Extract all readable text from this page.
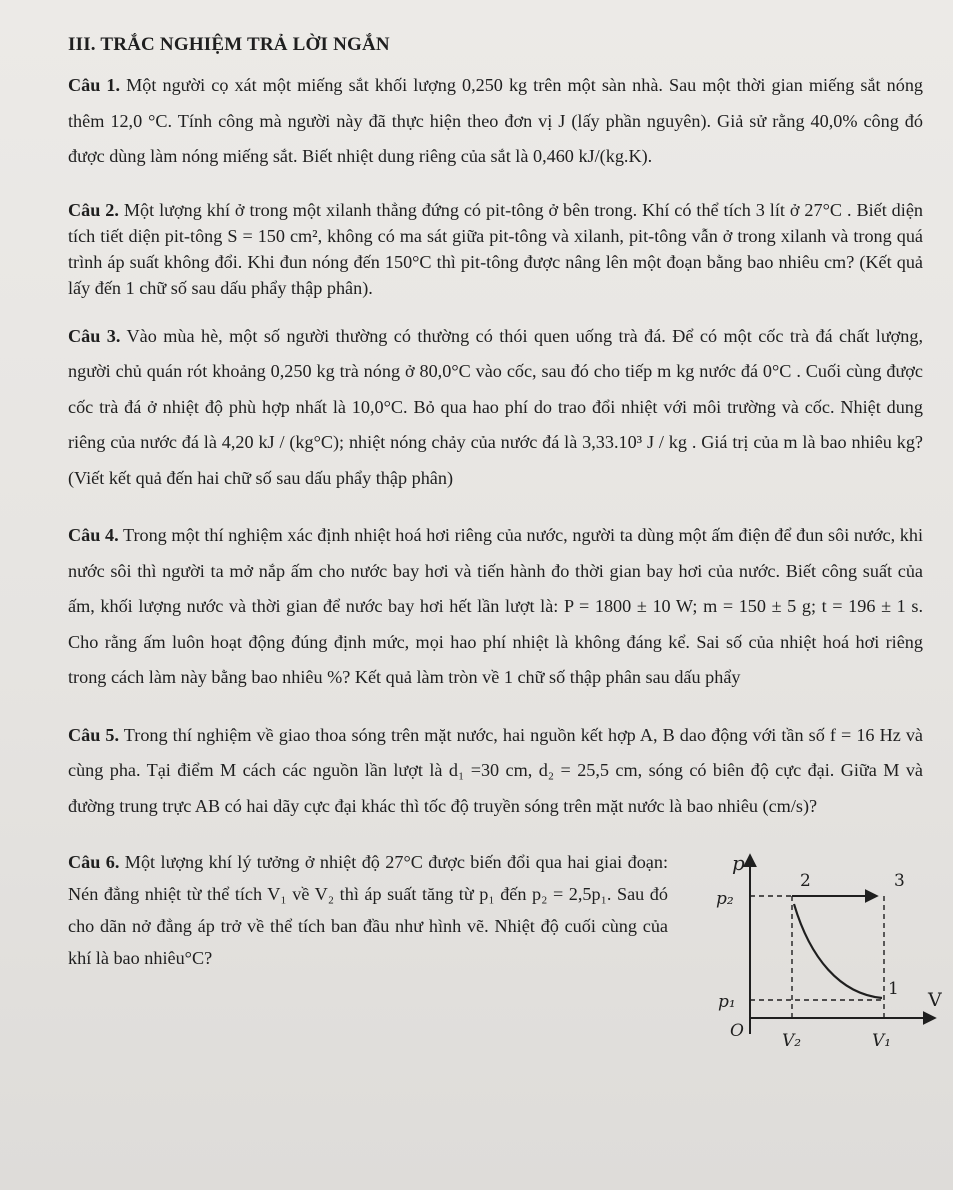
III. TRẮC NGHIỆM TRẢ LỜI NGẮN

Câu 1. Một người cọ xát một miếng sắt khối lượng 0,250 kg trên một sàn nhà. Sau một thời gian miếng sắt nóng thêm 12,0 °C. Tính công mà người này đã thực hiện theo đơn vị J (lấy phần nguyên). Giả sử rằng 40,0% công đó được dùng làm nóng miếng sắt. Biết nhiệt dung riêng của sắt là 0,460 kJ/(kg.K).

Câu 2. Một lượng khí ở trong một xilanh thẳng đứng có pit-tông ở bên trong. Khí có thể tích 3 lít ở 27°C . Biết diện tích tiết diện pit-tông S = 150 cm², không có ma sát giữa pit-tông và xilanh, pit-tông vẫn ở trong xilanh và trong quá trình áp suất không đổi. Khi đun nóng đến 150°C thì pit-tông được nâng lên một đoạn bằng bao nhiêu cm? (Kết quả lấy đến 1 chữ số sau dấu phẩy thập phân).

Câu 3. Vào mùa hè, một số người thường có thường có thói quen uống trà đá. Để có một cốc trà đá chất lượng, người chủ quán rót khoảng 0,250 kg trà nóng ở 80,0°C vào cốc, sau đó cho tiếp m kg nước đá 0°C . Cuối cùng được cốc trà đá ở nhiệt độ phù hợp nhất là 10,0°C. Bỏ qua hao phí do trao đổi nhiệt với môi trường và cốc. Nhiệt dung riêng của nước đá là 4,20 kJ / (kg°C); nhiệt nóng chảy của nước đá là 3,33.10³ J / kg . Giá trị của m là bao nhiêu kg? (Viết kết quả đến hai chữ số sau dấu phẩy thập phân)

Câu 4. Trong một thí nghiệm xác định nhiệt hoá hơi riêng của nước, người ta dùng một ấm điện để đun sôi nước, khi nước sôi thì người ta mở nắp ấm cho nước bay hơi và tiến hành đo thời gian bay hơi của nước. Biết công suất của ấm, khối lượng nước và thời gian để nước bay hơi hết lần lượt là: P = 1800 ± 10 W; m = 150 ± 5 g; t = 196 ± 1 s. Cho rằng ấm luôn hoạt động đúng định mức, mọi hao phí nhiệt là không đáng kể. Sai số của nhiệt hoá hơi riêng trong cách làm này bằng bao nhiêu %? Kết quả làm tròn về 1 chữ số thập phân sau dấu phẩy

Câu 5. Trong thí nghiệm về giao thoa sóng trên mặt nước, hai nguồn kết hợp A, B dao động với tần số f = 16 Hz và cùng pha. Tại điểm M cách các nguồn lần lượt là d₁ =30 cm, d₂ = 25,5 cm, sóng có biên độ cực đại. Giữa M và đường trung trực AB có hai dãy cực đại khác thì tốc độ truyền sóng trên mặt nước là bao nhiêu (cm/s)?

Câu 6. Một lượng khí lý tưởng ở nhiệt độ 27°C được biến đổi qua hai giai đoạn: Nén đẳng nhiệt từ thể tích V₁ về V₂ thì áp suất tăng từ p₁ đến p₂ = 2,5p₁. Sau đó cho dãn nở đẳng áp trở về thể tích ban đầu như hình vẽ. Nhiệt độ cuối cùng của khí là bao nhiêu°C?
p
V
O
p₂
p₁
V₂	V₁
1
2	3
